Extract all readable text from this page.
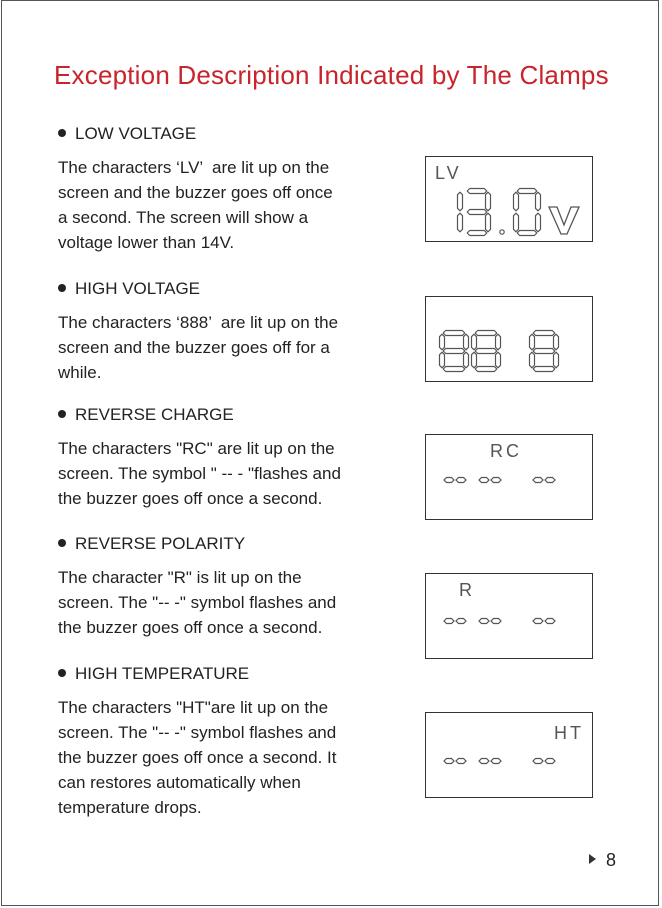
Exception Description Indicated by The Clamps
LOW VOLTAGE
The characters ‘LV’  are lit up on the
screen and the buzzer goes off once
a second. The screen will show a
voltage lower than 14V.
LV
HIGH VOLTAGE
The characters ‘888’  are lit up on the
screen and the buzzer goes off for a
while.
REVERSE CHARGE
The characters "RC" are lit up on the
screen. The symbol " -- - "flashes and
the buzzer goes off once a second.
RC
REVERSE POLARITY
The character "R" is lit up on the
screen. The "-- -" symbol flashes and
the buzzer goes off once a second.
R
HIGH TEMPERATURE
The characters "HT"are lit up on the
screen. The "-- -" symbol flashes and
the buzzer goes off once a second. It
can restores automatically when
temperature drops.
HT
8
